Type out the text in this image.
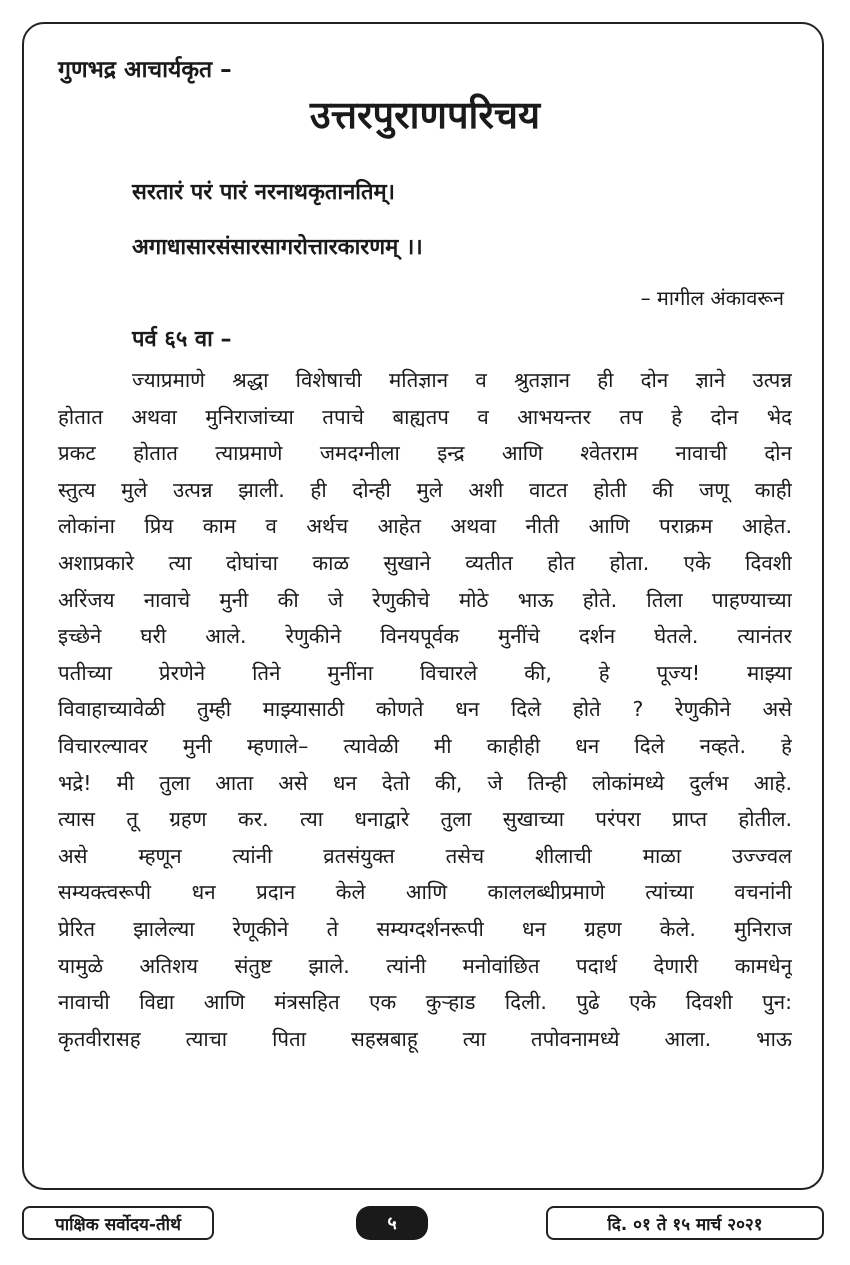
गुणभद्र आचार्यकृत –
उत्तरपुराणपरिचय
सरतारं परं पारं नरनाथकृतानतिम्।
अगाधासारसंसारसागरोत्तारकारणम् ।।
– मागील अंकावरून
पर्व ६५ वा –
ज्याप्रमाणे श्रद्धा विशेषाची मतिज्ञान व श्रुतज्ञान ही दोन ज्ञाने उत्पन्न
होतात अथवा मुनिराजांच्या तपाचे बाह्यतप व आभयन्तर तप हे दोन भेद
प्रकट होतात त्याप्रमाणे जमदग्नीला इन्द्र आणि श्वेतराम नावाची दोन
स्तुत्य मुले उत्पन्न झाली. ही दोन्ही मुले अशी वाटत होती की जणू काही
लोकांना प्रिय काम व अर्थच आहेत अथवा नीती आणि पराक्रम आहेत.
अशाप्रकारे त्या दोघांचा काळ सुखाने व्यतीत होत होता. एके दिवशी
अरिंजय नावाचे मुनी की जे रेणुकीचे मोठे भाऊ होते. तिला पाहण्याच्या
इच्छेने घरी आले. रेणुकीने विनयपूर्वक मुनींचे दर्शन घेतले. त्यानंतर
पतीच्या प्रेरणेने तिने मुनींना विचारले की, हे पूज्य! माझ्या
विवाहाच्यावेळी तुम्ही माझ्यासाठी कोणते धन दिले होते ? रेणुकीने असे
विचारल्यावर मुनी म्हणाले– त्यावेळी मी काहीही धन दिले नव्हते. हे
भद्रे! मी तुला आता असे धन देतो की, जे तिन्ही लोकांमध्ये दुर्लभ आहे.
त्यास तू ग्रहण कर. त्या धनाद्वारे तुला सुखाच्या परंपरा प्राप्त होतील.
असे म्हणून त्यांनी व्रतसंयुक्त तसेच शीलाची माळा उज्ज्वल
सम्यक्त्वरूपी धन प्रदान केले आणि काललब्धीप्रमाणे त्यांच्या वचनांनी
प्रेरित झालेल्या रेणूकीने ते सम्यग्दर्शनरूपी धन ग्रहण केले. मुनिराज
यामुळे अतिशय संतुष्ट झाले. त्यांनी मनोवांछित पदार्थ देणारी कामधेनू
नावाची विद्या आणि मंत्रसहित एक कुऱ्हाड दिली. पुढे एके दिवशी पुन:
कृतवीरासह त्याचा पिता सहस्रबाहू त्या तपोवनामध्ये आला. भाऊ
पाक्षिक सर्वोदय-तीर्थ	५	दि. ०१ ते १५ मार्च २०२१
